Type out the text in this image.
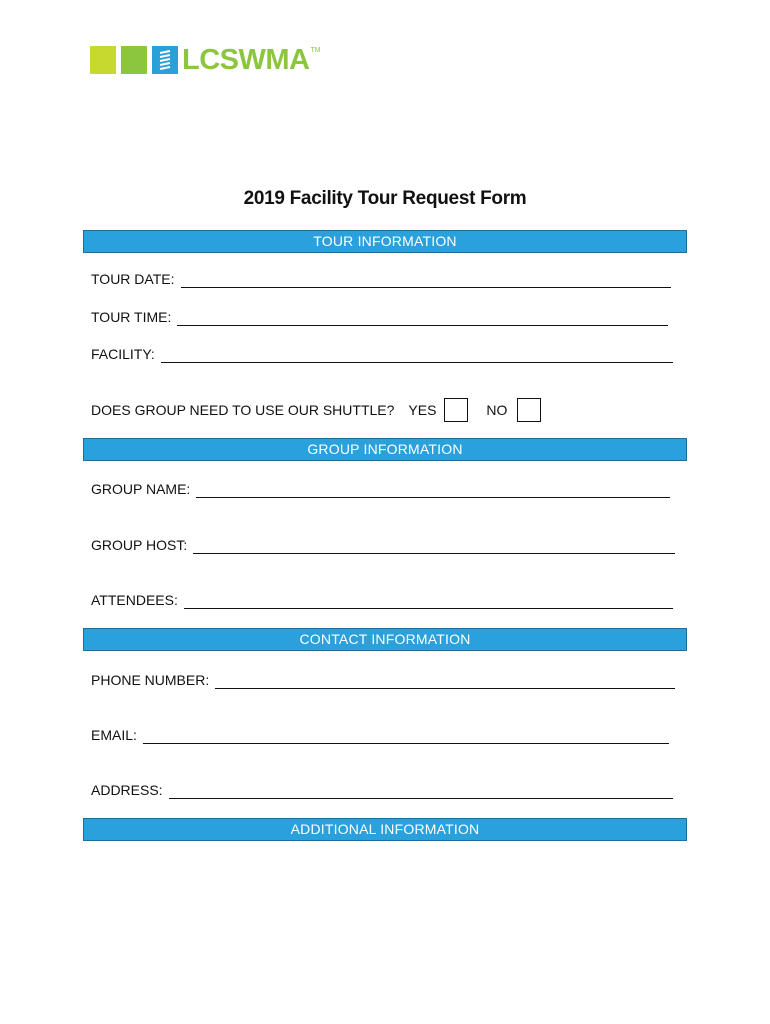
LCSWMA TM
2019 Facility Tour Request Form
TOUR INFORMATION
TOUR DATE:
TOUR TIME:
FACILITY:
DOES GROUP NEED TO USE OUR SHUTTLE? YES	NO
GROUP INFORMATION
GROUP NAME:
GROUP HOST:
ATTENDEES:
CONTACT INFORMATION
PHONE NUMBER:
EMAIL:
ADDRESS:
ADDITIONAL INFORMATION
